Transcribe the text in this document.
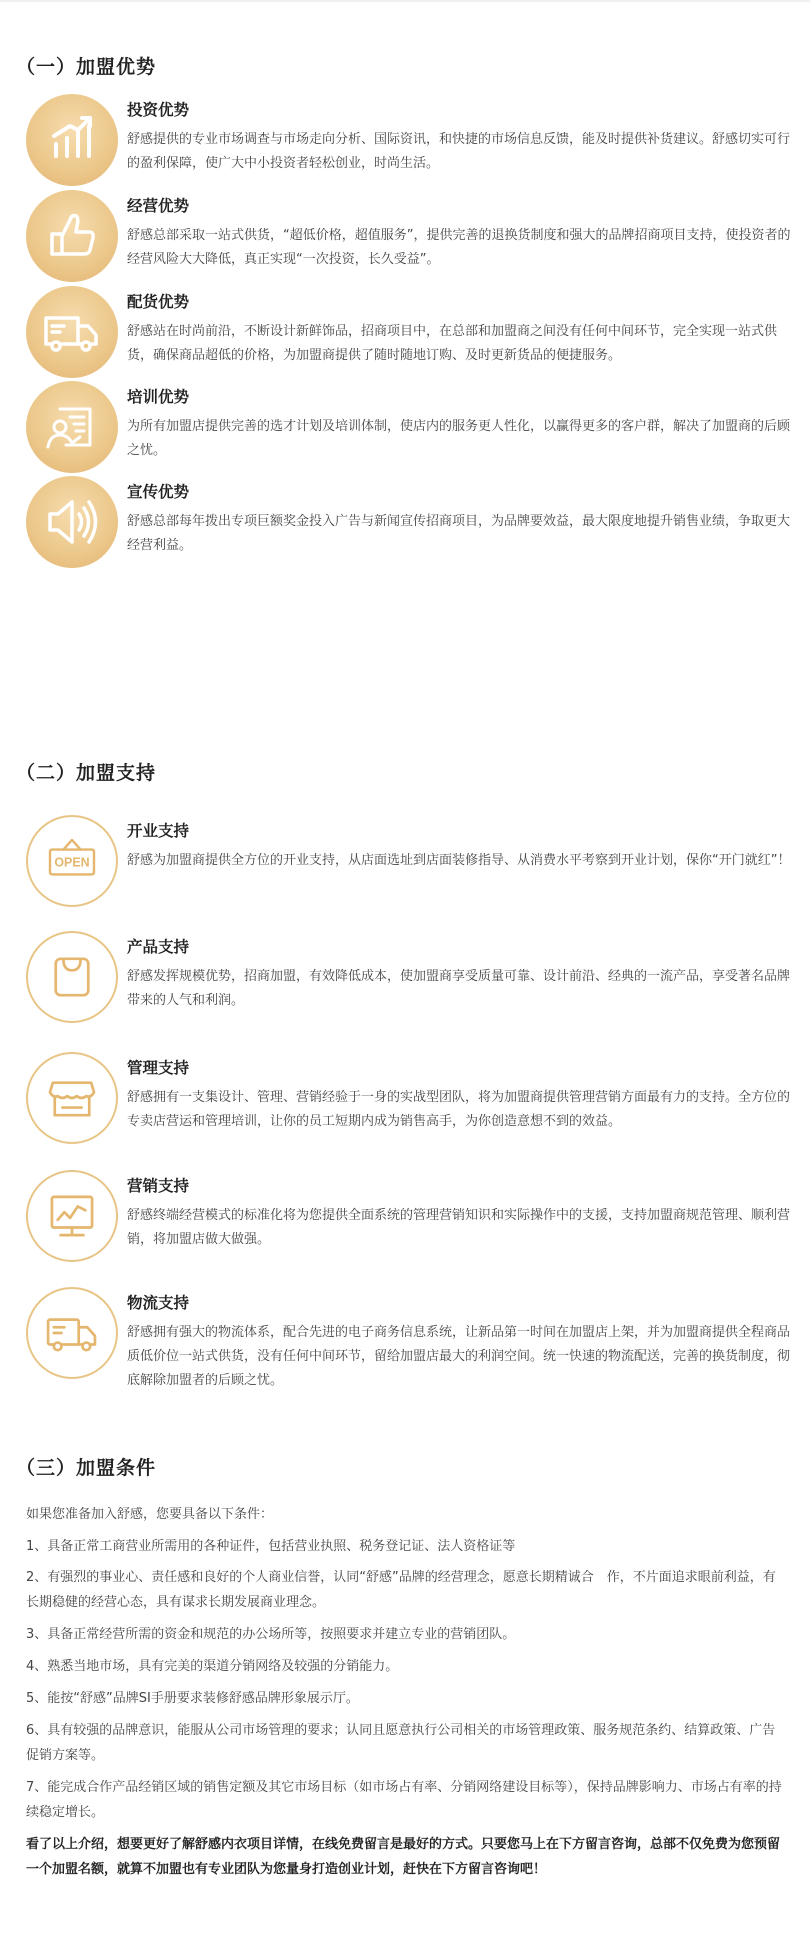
（一）加盟优势
投资优势
舒感提供的专业市场调查与市场走向分析、国际资讯，和快捷的市场信息反馈，能及时提供补货建议。舒感切实可行的盈利保障，使广大中小投资者轻松创业，时尚生活。
经营优势
舒感总部采取一站式供货，“超低价格，超值服务”，提供完善的退换货制度和强大的品牌招商项目支持，使投资者的经营风险大大降低，真正实现“一次投资，长久受益”。
配货优势
舒感站在时尚前沿，不断设计新鲜饰品，招商项目中，在总部和加盟商之间没有任何中间环节，完全实现一站式供货，确保商品超低的价格，为加盟商提供了随时随地订购、及时更新货品的便捷服务。
培训优势
为所有加盟店提供完善的选才计划及培训体制，使店内的服务更人性化，以赢得更多的客户群，解决了加盟商的后顾之忧。
宣传优势
舒感总部每年拨出专项巨额奖金投入广告与新闻宣传招商项目，为品牌要效益，最大限度地提升销售业绩，争取更大经营利益。
（二）加盟支持
OPEN
开业支持
舒感为加盟商提供全方位的开业支持，从店面选址到店面装修指导、从消费水平考察到开业计划，保你“开门就红”！
产品支持
舒感发挥规模优势，招商加盟，有效降低成本，使加盟商享受质量可靠、设计前沿、经典的一流产品，享受著名品牌带来的人气和利润。
管理支持
舒感拥有一支集设计、管理、营销经验于一身的实战型团队，将为加盟商提供管理营销方面最有力的支持。全方位的专卖店营运和管理培训，让你的员工短期内成为销售高手，为你创造意想不到的效益。
营销支持
舒感终端经营模式的标准化将为您提供全面系统的管理营销知识和实际操作中的支援，支持加盟商规范管理、顺利营销，将加盟店做大做强。
物流支持
舒感拥有强大的物流体系，配合先进的电子商务信息系统，让新品第一时间在加盟店上架，并为加盟商提供全程商品质低价位一站式供货，没有任何中间环节，留给加盟店最大的利润空间。统一快速的物流配送，完善的换货制度，彻底解除加盟者的后顾之忧。
（三）加盟条件
如果您准备加入舒感，您要具备以下条件：
1、具备正常工商营业所需用的各种证件，包括营业执照、税务登记证、法人资格证等
2、有强烈的事业心、责任感和良好的个人商业信誉，认同“舒感”品牌的经营理念，愿意长期精诚合　作，不片面追求眼前利益，有长期稳健的经营心态，具有谋求长期发展商业理念。
3、具备正常经营所需的资金和规范的办公场所等，按照要求并建立专业的营销团队。
4、熟悉当地市场，具有完美的渠道分销网络及较强的分销能力。
5、能按“舒感”品牌SI手册要求装修舒感品牌形象展示厅。
6、具有较强的品牌意识，能服从公司市场管理的要求；认同且愿意执行公司相关的市场管理政策、服务规范条约、结算政策、广告促销方案等。
7、能完成合作产品经销区域的销售定额及其它市场目标（如市场占有率、分销网络建设目标等），保持品牌影响力、市场占有率的持续稳定增长。
看了以上介绍，想要更好了解舒感内衣项目详情，在线免费留言是最好的方式。只要您马上在下方留言咨询，总部不仅免费为您预留一个加盟名额，就算不加盟也有专业团队为您量身打造创业计划，赶快在下方留言咨询吧！
